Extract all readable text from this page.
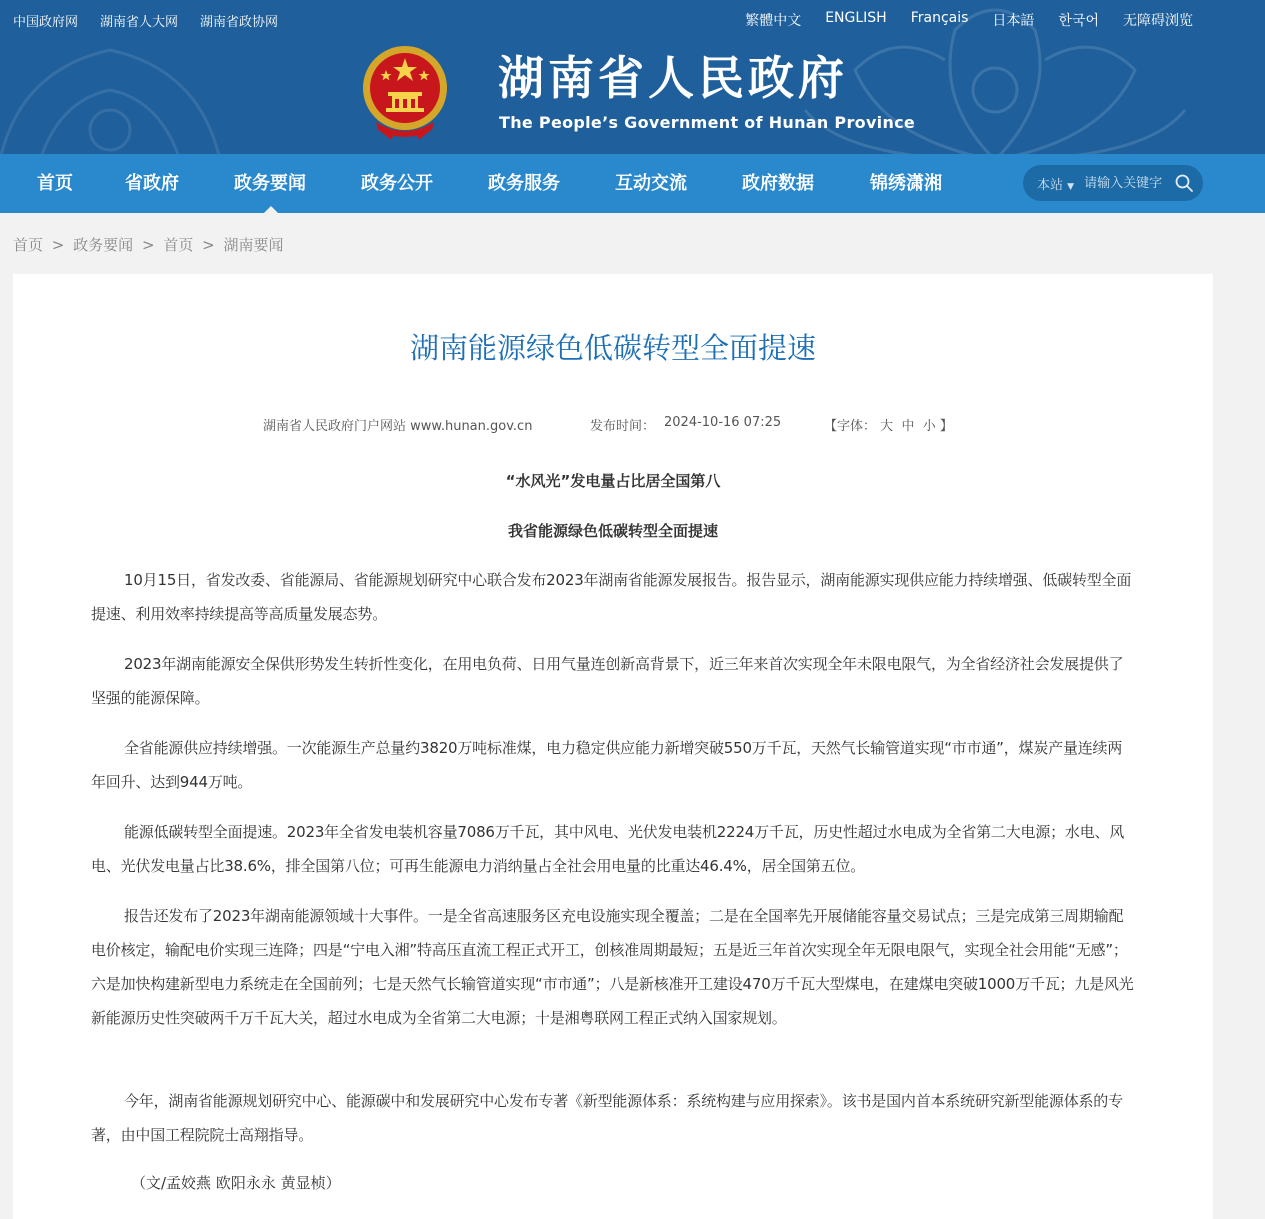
中国政府网 湖南省人大网 湖南省政协网	繁體中文 ENGLISH Français 日本語 한국어 无障碍浏览
湖南省人民政府
The People’s Government of Hunan Province
首页	省政府	政务要闻	政务公开	政务服务	互动交流	政府数据	锦绣潇湘	本站 ▼
请输入关键字
首页 > 政务要闻 > 首页 > 湖南要闻
湖南能源绿色低碳转型全面提速
湖南省人民政府门户网站 www.hunan.gov.cn	发布时间： 2024-10-16 07:25	【字体： 大 中 小 】
“水风光”发电量占比居全国第八
我省能源绿色低碳转型全面提速

10月15日，省发改委、省能源局、省能源规划研究中心联合发布2023年湖南省能源发展报告。报告显示，湖南能源实现供应能力持续增强、低碳转型全面提速、利用效率持续提高等高质量发展态势。

2023年湖南能源安全保供形势发生转折性变化，在用电负荷、日用气量连创新高背景下，近三年来首次实现全年未限电限气，为全省经济社会发展提供了坚强的能源保障。

全省能源供应持续增强。一次能源生产总量约3820万吨标准煤，电力稳定供应能力新增突破550万千瓦，天然气长输管道实现“市市通”，煤炭产量连续两年回升、达到944万吨。

能源低碳转型全面提速。2023年全省发电装机容量7086万千瓦，其中风电、光伏发电装机2224万千瓦，历史性超过水电成为全省第二大电源；水电、风电、光伏发电量占比38.6%，排全国第八位；可再生能源电力消纳量占全社会用电量的比重达46.4%，居全国第五位。

报告还发布了2023年湖南能源领域十大事件。一是全省高速服务区充电设施实现全覆盖；二是在全国率先开展储能容量交易试点；三是完成第三周期输配电价核定，输配电价实现三连降；四是“宁电入湘”特高压直流工程正式开工，创核准周期最短；五是近三年首次实现全年无限电限气，实现全社会用能“无感”；六是加快构建新型电力系统走在全国前列；七是天然气长输管道实现“市市通”；八是新核准开工建设470万千瓦大型煤电，在建煤电突破1000万千瓦；九是风光新能源历史性突破两千万千瓦大关，超过水电成为全省第二大电源；十是湘粤联网工程正式纳入国家规划。

今年，湖南省能源规划研究中心、能源碳中和发展研究中心发布专著《新型能源体系：系统构建与应用探索》。该书是国内首本系统研究新型能源体系的专著，由中国工程院院士高翔指导。

（文/孟姣燕 欧阳永永 黄显桢）
